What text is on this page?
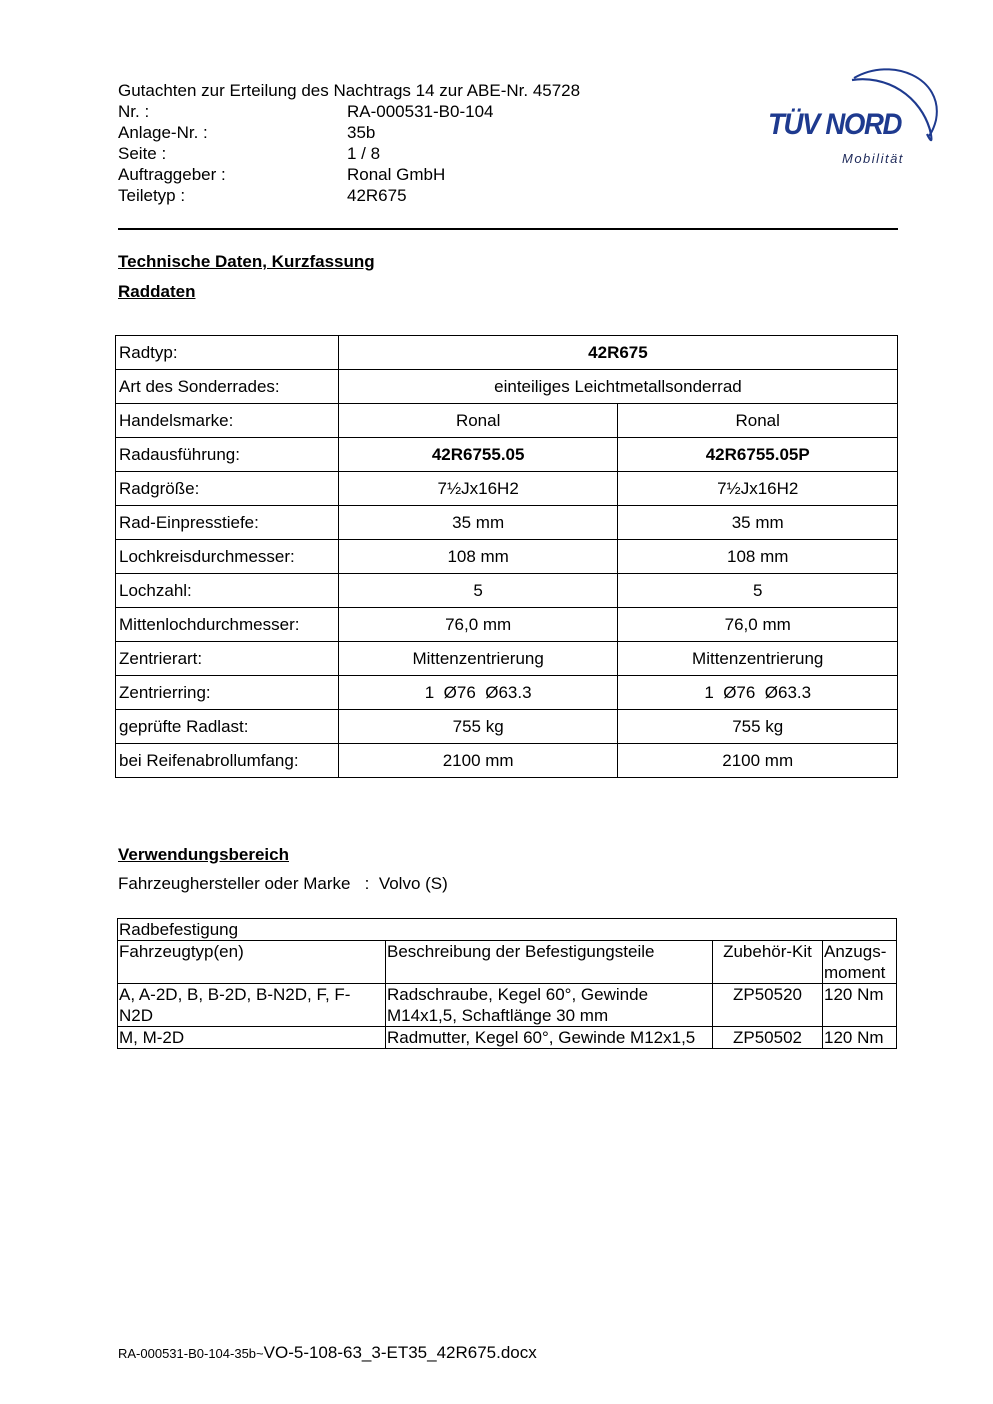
Gutachten zur Erteilung des Nachtrags 14 zur ABE-Nr. 45728
Nr. :	RA-000531-B0-104
Anlage-Nr. :	35b
Seite :	1 / 8
Auftraggeber :	Ronal GmbH
Teiletyp :	42R675
TÜV NORD
Mobilität
Technische Daten, Kurzfassung
Raddaten
Radtyp:	42R675	
Art des Sonderrades:	einteiliges Leichtmetallsonderrad	
Handelsmarke:	Ronal	Ronal
Radausführung:	42R6755.05	42R6755.05P
Radgröße:	7½Jx16H2	7½Jx16H2
Rad-Einpresstiefe:	35 mm	35 mm
Lochkreisdurchmesser:	108 mm	108 mm
Lochzahl:	5	5
Mittenlochdurchmesser:	76,0 mm	76,0 mm
Zentrierart:	Mittenzentrierung	Mittenzentrierung
Zentrierring:	1  Ø76  Ø63.3	1  Ø76  Ø63.3
geprüfte Radlast:	755 kg	755 kg
bei Reifenabrollumfang:	2100 mm	2100 mm
Verwendungsbereich
Fahrzeughersteller oder Marke : Volvo (S)
Radbefestigung			
Fahrzeugtyp(en)	Beschreibung der Befestigungsteile	Zubehör-Kit	Anzugs-moment
A, A-2D, B, B-2D, B-N2D, F, F-N2D	Radschraube, Kegel 60°, Gewinde M14x1,5, Schaftlänge 30 mm	ZP50520	120 Nm
M, M-2D	Radmutter, Kegel 60°, Gewinde M12x1,5	ZP50502	120 Nm
RA-000531-B0-104-35b~VO-5-108-63_3-ET35_42R675.docx
